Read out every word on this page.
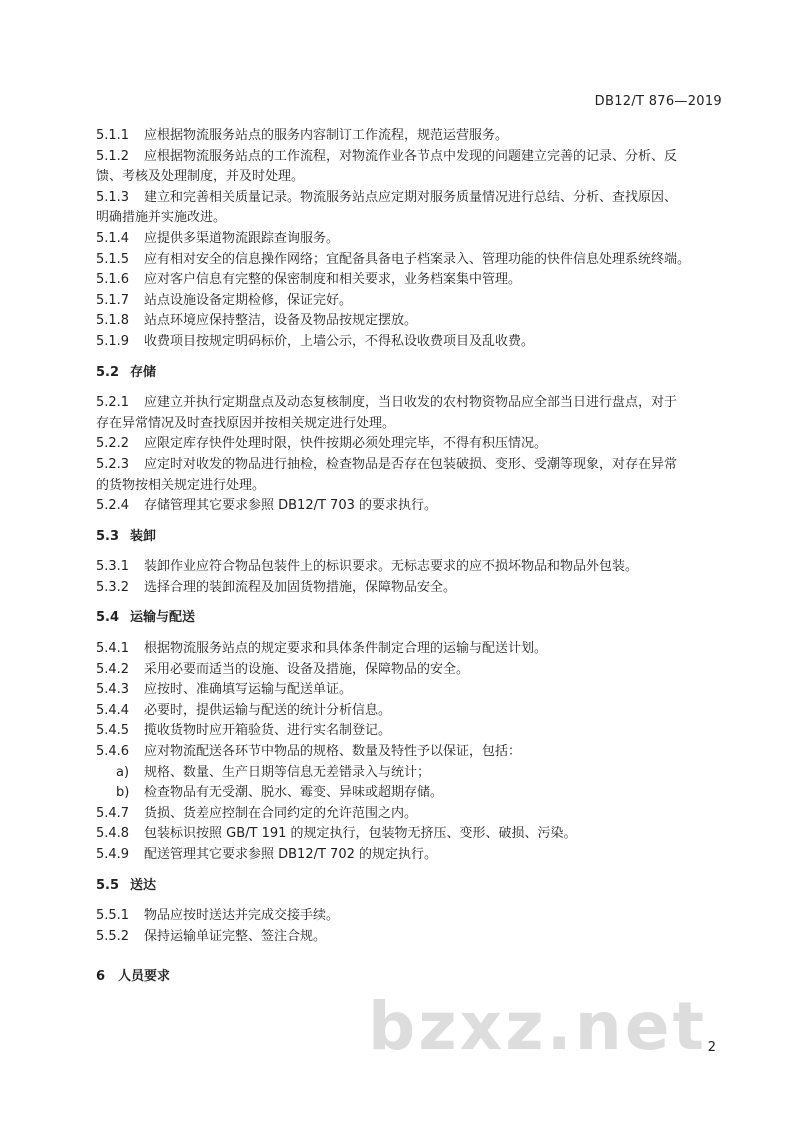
DB12/T 876—2019
5.1.1 应根据物流服务站点的服务内容制订工作流程，规范运营服务。
5.1.2 应根据物流服务站点的工作流程，对物流作业各节点中发现的问题建立完善的记录、分析、反
馈、考核及处理制度，并及时处理。
5.1.3 建立和完善相关质量记录。物流服务站点应定期对服务质量情况进行总结、分析、查找原因、
明确措施并实施改进。
5.1.4 应提供多渠道物流跟踪查询服务。
5.1.5 应有相对安全的信息操作网络；宜配备具备电子档案录入、管理功能的快件信息处理系统终端。
5.1.6 应对客户信息有完整的保密制度和相关要求，业务档案集中管理。
5.1.7 站点设施设备定期检修，保证完好。
5.1.8 站点环境应保持整洁，设备及物品按规定摆放。
5.1.9 收费项目按规定明码标价，上墙公示，不得私设收费项目及乱收费。
5.2 存储
5.2.1 应建立并执行定期盘点及动态复核制度，当日收发的农村物资物品应全部当日进行盘点，对于
存在异常情况及时查找原因并按相关规定进行处理。
5.2.2 应限定库存快件处理时限，快件按期必须处理完毕，不得有积压情况。
5.2.3 应定时对收发的物品进行抽检，检查物品是否存在包装破损、变形、受潮等现象，对存在异常
的货物按相关规定进行处理。
5.2.4 存储管理其它要求参照 DB12/T 703 的要求执行。
5.3 装卸
5.3.1 装卸作业应符合物品包装件上的标识要求。无标志要求的应不损坏物品和物品外包装。
5.3.2 选择合理的装卸流程及加固货物措施，保障物品安全。
5.4 运输与配送
5.4.1 根据物流服务站点的规定要求和具体条件制定合理的运输与配送计划。
5.4.2 采用必要而适当的设施、设备及措施，保障物品的安全。
5.4.3 应按时、准确填写运输与配送单证。
5.4.4 必要时，提供运输与配送的统计分析信息。
5.4.5 揽收货物时应开箱验货、进行实名制登记。
5.4.6 应对物流配送各环节中物品的规格、数量及特性予以保证，包括：
a) 规格、数量、生产日期等信息无差错录入与统计；
b) 检查物品有无受潮、脱水、霉变、异味或超期存储。
5.4.7 货损、货差应控制在合同约定的允许范围之内。
5.4.8 包装标识按照 GB/T 191 的规定执行，包装物无挤压、变形、破损、污染。
5.4.9 配送管理其它要求参照 DB12/T 702 的规定执行。
5.5 送达
5.5.1 物品应按时送达并完成交接手续。
5.5.2 保持运输单证完整、签注合规。
6 人员要求
bzxz.net 2
